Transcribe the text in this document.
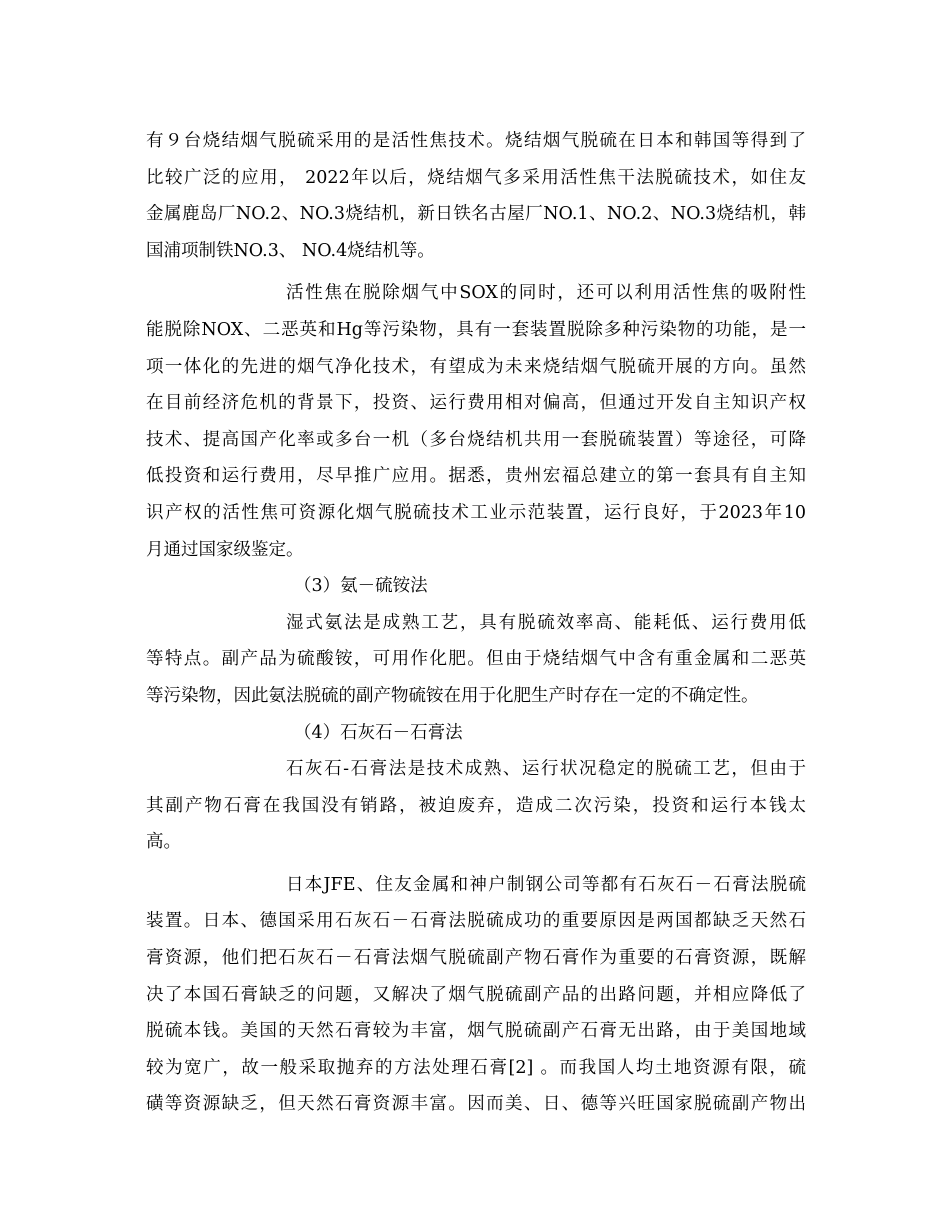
有９台烧结烟气脱硫采用的是活性焦技术。烧结烟气脱硫在日本和韩国等得到了
比较广泛的应用， 2022年以后，烧结烟气多采用活性焦干法脱硫技术，如住友
金属鹿岛厂NO.2、NO.3烧结机，新日铁名古屋厂NO.1、NO.2、NO.3烧结机，韩
国浦项制铁NO.3、 NO.4烧结机等。
活性焦在脱除烟气中SOX的同时，还可以利用活性焦的吸附性
能脱除NOX、二恶英和Hg等污染物，具有一套装置脱除多种污染物的功能，是一
项一体化的先进的烟气净化技术，有望成为未来烧结烟气脱硫开展的方向。虽然
在目前经济危机的背景下，投资、运行费用相对偏高，但通过开发自主知识产权
技术、提高国产化率或多台一机（多台烧结机共用一套脱硫装置）等途径，可降
低投资和运行费用，尽早推广应用。据悉，贵州宏福总建立的第一套具有自主知
识产权的活性焦可资源化烟气脱硫技术工业示范装置，运行良好，于2023年10
月通过国家级鉴定。
（3）氨－硫铵法
湿式氨法是成熟工艺，具有脱硫效率高、能耗低、运行费用低
等特点。副产品为硫酸铵，可用作化肥。但由于烧结烟气中含有重金属和二恶英
等污染物，因此氨法脱硫的副产物硫铵在用于化肥生产时存在一定的不确定性。
（4）石灰石－石膏法
石灰石-石膏法是技术成熟、运行状况稳定的脱硫工艺，但由于
其副产物石膏在我国没有销路，被迫废弃，造成二次污染，投资和运行本钱太
高。
日本JFE、住友金属和神户制钢公司等都有石灰石－石膏法脱硫
装置。日本、德国采用石灰石－石膏法脱硫成功的重要原因是两国都缺乏天然石
膏资源，他们把石灰石－石膏法烟气脱硫副产物石膏作为重要的石膏资源，既解
决了本国石膏缺乏的问题，又解决了烟气脱硫副产品的出路问题，并相应降低了
脱硫本钱。美国的天然石膏较为丰富，烟气脱硫副产石膏无出路，由于美国地域
较为宽广，故一般采取抛弃的方法处理石膏[2] 。而我国人均土地资源有限，硫
磺等资源缺乏，但天然石膏资源丰富。因而美、日、德等兴旺国家脱硫副产物出
